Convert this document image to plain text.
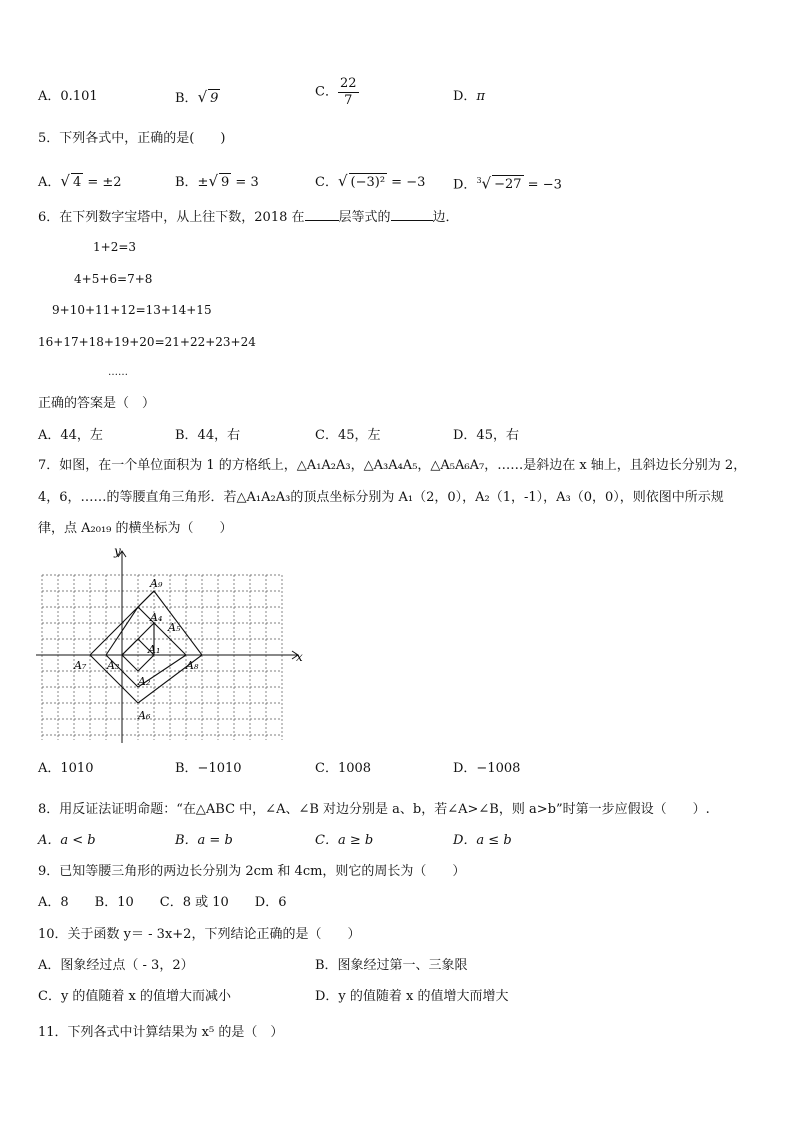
A．0.101	B．√ 9	C． $\frac{22}{7}$	D．π
5．下列各式中，正确的是(　　)
A．√ 4 = ±2	B．±√ 9 = 3	C．√ (−3)² = −3 D．$^3$√ −27 = −3
6．在下列数字宝塔中，从上往下数，2018 在	层等式的	边．
1+2=3
4+5+6=7+8
9+10+11+12=13+14+15
16+17+18+19+20=21+22+23+24
……
正确的答案是（　）
A．44，左	B．44，右	C．45，左	D．45，右
7．如图，在一个单位面积为 1 的方格纸上，△A₁A₂A₃，△A₃A₄A₅，△A₅A₆A₇，……是斜边在 x 轴上，且斜边长分别为 2，
4，6，……的等腰直角三角形．若△A₁A₂A₃的顶点坐标分别为 A₁（2，0），A₂（1，-1），A₃（0，0），则依图中所示规
律，点 A₂₀₁₉ 的横坐标为（　　）
y
x
A₉
A₄
A₁
A₇ A₃	A₈
A₂
A₆
A₅
A．1010	B．−1010	C．1008	D．−1008
8．用反证法证明命题：“在△ABC 中，∠A、∠B 对边分别是 a、b，若∠A>∠B，则 a>b”时第一步应假设（　　）.
A．a < b	B．a = b	C．a ≥ b	D．a ≤ b
9．已知等腰三角形的两边长分别为 2cm 和 4cm，则它的周长为（　　）
A．8　　B．10　　C．8 或 10　　D．6
10．关于函数 y＝ - 3x+2，下列结论正确的是（　　）
A．图象经过点（ - 3，2）	B．图象经过第一、三象限
C．y 的值随着 x 的值增大而减小	D．y 的值随着 x 的值增大而增大
11．下列各式中计算结果为 x⁵ 的是（　）
